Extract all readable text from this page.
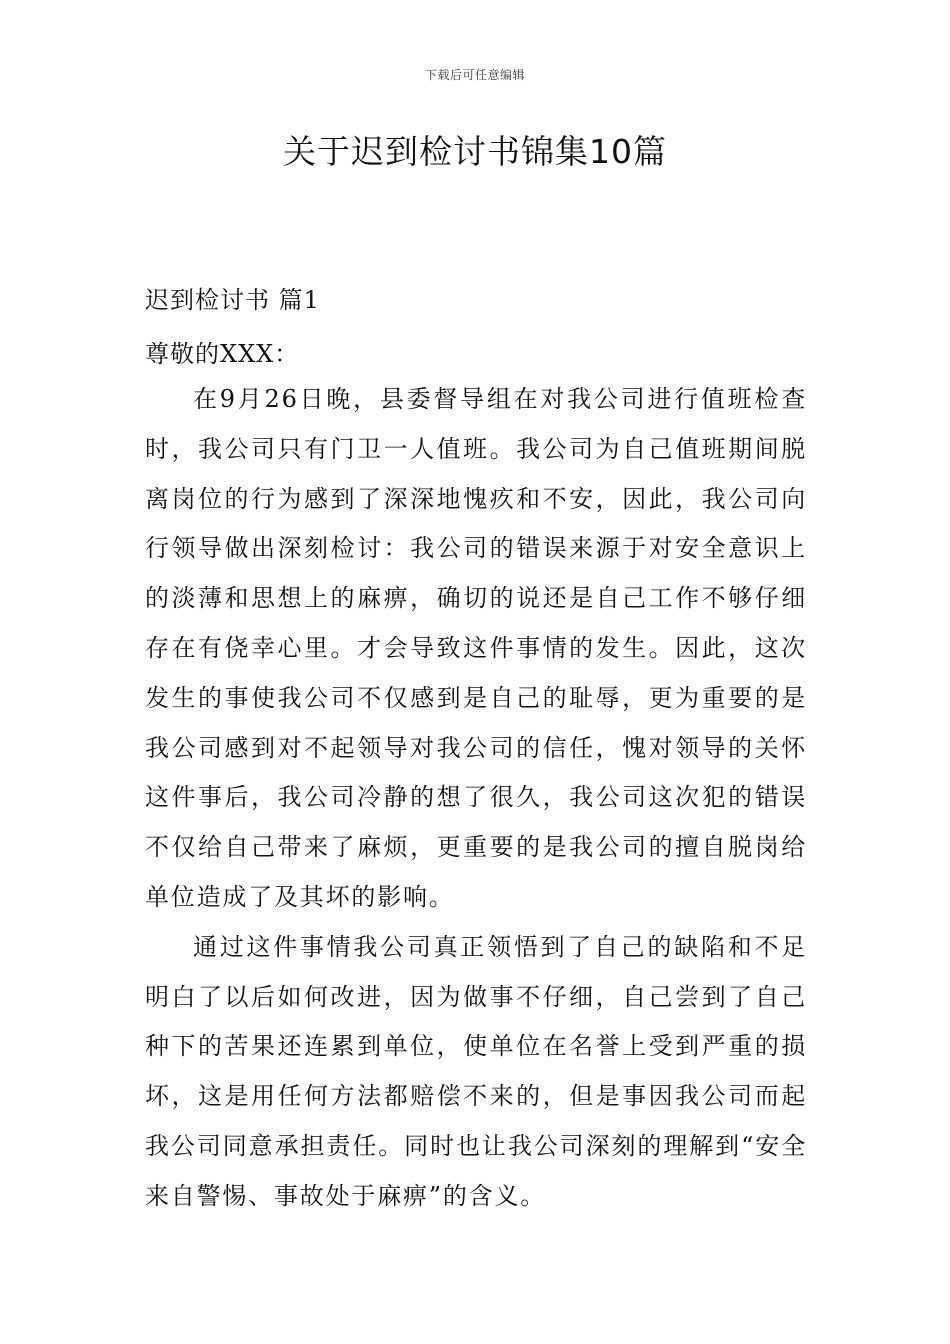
下载后可任意编辑
关于迟到检讨书锦集10篇
迟到检讨书 篇1
尊敬的XXX：

在9月26日晚，县委督导组在对我公司进行值班检查时，我公司只有门卫一人值班。我公司为自己值班期间脱离岗位的行为感到了深深地愧疚和不安，因此，我公司向行领导做出深刻检讨：我公司的错误来源于对安全意识上的淡薄和思想上的麻痹，确切的说还是自己工作不够仔细存在有侥幸心里。才会导致这件事情的发生。因此，这次发生的事使我公司不仅感到是自己的耻辱，更为重要的是我公司感到对不起领导对我公司的信任，愧对领导的关怀这件事后，我公司冷静的想了很久，我公司这次犯的错误不仅给自己带来了麻烦，更重要的是我公司的擅自脱岗给单位造成了及其坏的影响。

通过这件事情我公司真正领悟到了自己的缺陷和不足明白了以后如何改进，因为做事不仔细，自己尝到了自己种下的苦果还连累到单位，使单位在名誉上受到严重的损坏，这是用任何方法都赔偿不来的，但是事因我公司而起我公司同意承担责任。同时也让我公司深刻的理解到“安全来自警惕、事故处于麻痹”的含义。
